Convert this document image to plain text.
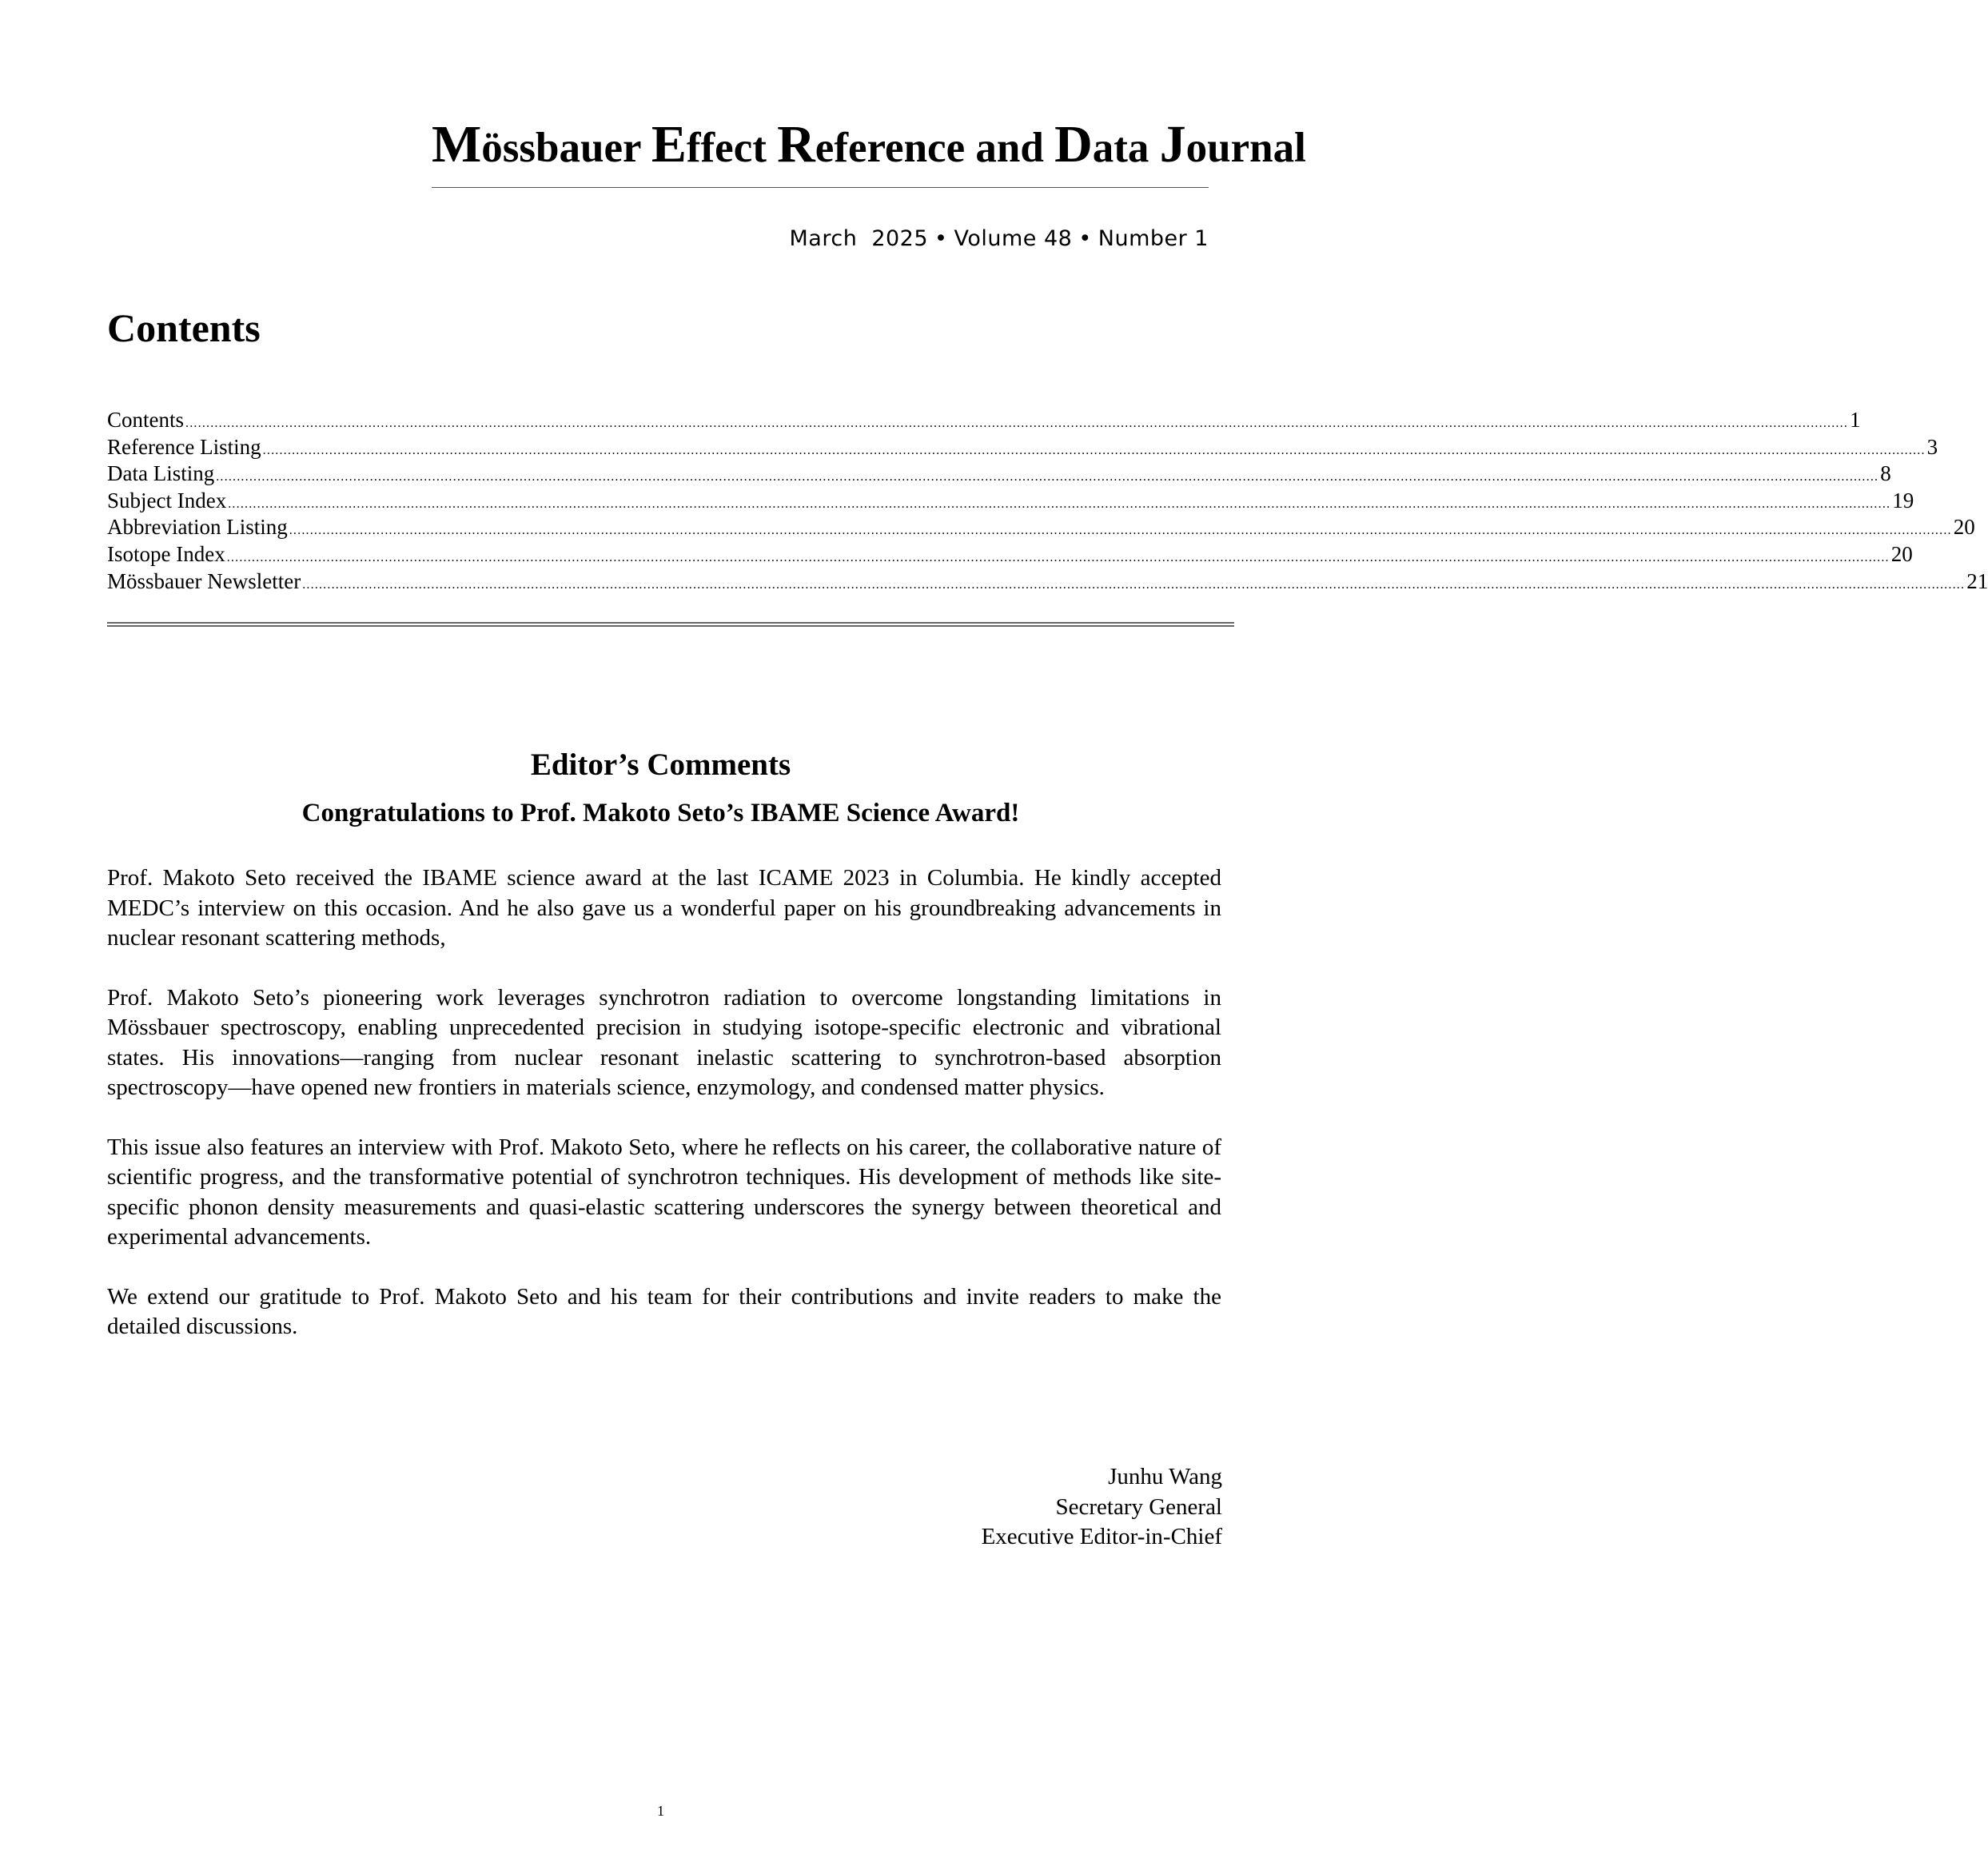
Mössbauer Effect Reference and Data Journal
March 2025 • Volume 48 • Number 1
Contents
Contents ................................................................................................................................................................................................................................................................................................................................................................................................................ 1
Reference Listing ................................................................................................................................................................................................................................................................................................................................................................................................................ 3
Data Listing ................................................................................................................................................................................................................................................................................................................................................................................................................ 8
Subject Index ................................................................................................................................................................................................................................................................................................................................................................................................................ 19
Abbreviation Listing ................................................................................................................................................................................................................................................................................................................................................................................................................ 20
Isotope Index ................................................................................................................................................................................................................................................................................................................................................................................................................ 20
Mössbauer Newsletter ................................................................................................................................................................................................................................................................................................................................................................................................................ 21
Editor’s Comments
Congratulations to Prof. Makoto Seto’s IBAME Science Award!

Prof. Makoto Seto received the IBAME science award at the last ICAME 2023 in Columbia. He kindly accepted MEDC’s interview on this occasion. And he also gave us a wonderful paper on his groundbreaking advancements in nuclear resonant scattering methods,

Prof. Makoto Seto’s pioneering work leverages synchrotron radiation to overcome longstanding limitations in Mössbauer spectroscopy, enabling unprecedented precision in studying isotope-specific electronic and vibrational states. His innovations—ranging from nuclear resonant inelastic scattering to synchrotron-based absorption spectroscopy—have opened new frontiers in materials science, enzymology, and condensed matter physics.

This issue also features an interview with Prof. Makoto Seto, where he reflects on his career, the collaborative nature of scientific progress, and the transformative potential of synchrotron techniques. His development of methods like site-specific phonon density measurements and quasi-elastic scattering underscores the synergy between theoretical and experimental advancements.

We extend our gratitude to Prof. Makoto Seto and his team for their contributions and invite readers to make the detailed discussions.

Junhu Wang
Secretary General
Executive Editor-in-Chief
1
